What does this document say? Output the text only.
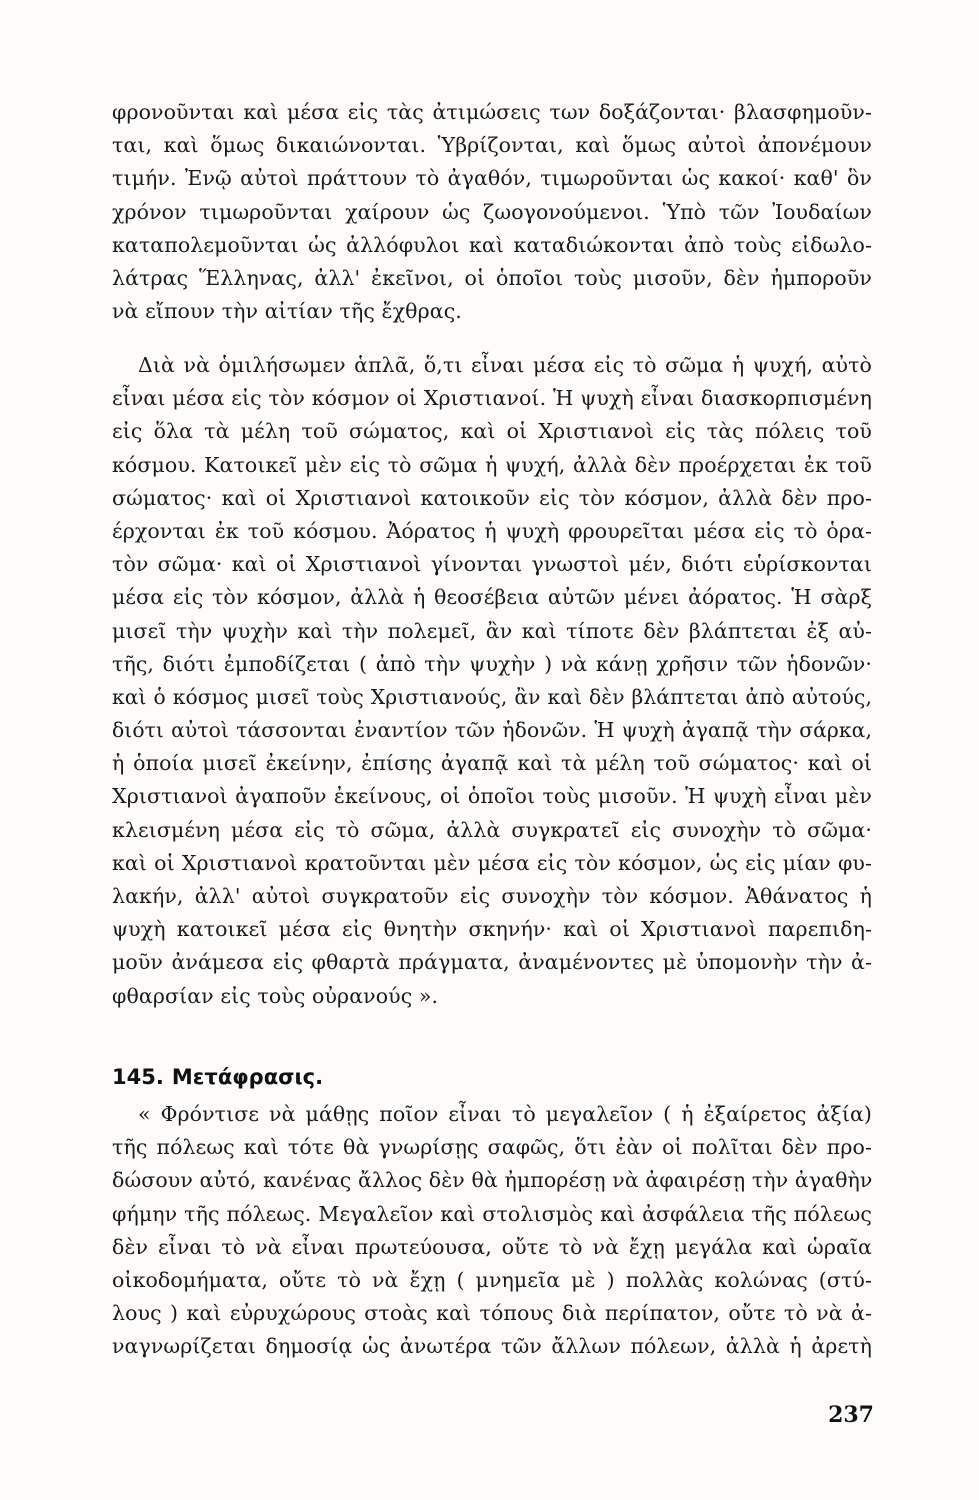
φρονοῦνται καὶ μέσα εἰς τὰς ἀτιμώσεις των δοξάζονται· βλασφημοῦν-
ται, καὶ ὅμως δικαιώνονται. Ὑβρίζονται, καὶ ὅμως αὐτοὶ ἀπονέμουν
τιμήν. Ἐνῷ αὐτοὶ πράττουν τὸ ἀγαθόν, τιμωροῦνται ὡς κακοί· καθ' ὃν
χρόνον τιμωροῦνται χαίρουν ὡς ζωογονούμενοι. Ὑπὸ τῶν Ἰουδαίων
καταπολεμοῦνται ὡς ἀλλόφυλοι καὶ καταδιώκονται ἀπὸ τοὺς εἰδωλο-
λάτρας Ἕλληνας, ἀλλ' ἐκεῖνοι, οἱ ὁποῖοι τοὺς μισοῦν, δὲν ἠμποροῦν
νὰ εἴπουν τὴν αἰτίαν τῆς ἔχθρας.
Διὰ νὰ ὁμιλήσωμεν ἁπλᾶ, ὅ,τι εἶναι μέσα εἰς τὸ σῶμα ἡ ψυχή, αὐτὸ
εἶναι μέσα εἰς τὸν κόσμον οἱ Χριστιανοί. Ἡ ψυχὴ εἶναι διασκορπισμένη
εἰς ὅλα τὰ μέλη τοῦ σώματος, καὶ οἱ Χριστιανοὶ εἰς τὰς πόλεις τοῦ
κόσμου. Κατοικεῖ μὲν εἰς τὸ σῶμα ἡ ψυχή, ἀλλὰ δὲν προέρχεται ἐκ τοῦ
σώματος· καὶ οἱ Χριστιανοὶ κατοικοῦν εἰς τὸν κόσμον, ἀλλὰ δὲν προ-
έρχονται ἐκ τοῦ κόσμου. Ἀόρατος ἡ ψυχὴ φρουρεῖται μέσα εἰς τὸ ὁρα-
τὸν σῶμα· καὶ οἱ Χριστιανοὶ γίνονται γνωστοὶ μέν, διότι εὑρίσκονται
μέσα εἰς τὸν κόσμον, ἀλλὰ ἡ θεοσέβεια αὐτῶν μένει ἀόρατος. Ἡ σὰρξ
μισεῖ τὴν ψυχὴν καὶ τὴν πολεμεῖ, ἂν καὶ τίποτε δὲν βλάπτεται ἐξ αὐ-
τῆς, διότι ἐμποδίζεται ( ἀπὸ τὴν ψυχὴν ) νὰ κάνῃ χρῆσιν τῶν ἡδονῶν·
καὶ ὁ κόσμος μισεῖ τοὺς Χριστιανούς, ἂν καὶ δὲν βλάπτεται ἀπὸ αὐτούς,
διότι αὐτοὶ τάσσονται ἐναντίον τῶν ἡδονῶν. Ἡ ψυχὴ ἀγαπᾷ τὴν σάρκα,
ἡ ὁποία μισεῖ ἐκείνην, ἐπίσης ἀγαπᾷ καὶ τὰ μέλη τοῦ σώματος· καὶ οἱ
Χριστιανοὶ ἀγαποῦν ἐκείνους, οἱ ὁποῖοι τοὺς μισοῦν. Ἡ ψυχὴ εἶναι μὲν
κλεισμένη μέσα εἰς τὸ σῶμα, ἀλλὰ συγκρατεῖ εἰς συνοχὴν τὸ σῶμα·
καὶ οἱ Χριστιανοὶ κρατοῦνται μὲν μέσα εἰς τὸν κόσμον, ὡς εἰς μίαν φυ-
λακήν, ἀλλ' αὐτοὶ συγκρατοῦν εἰς συνοχὴν τὸν κόσμον. Ἀθάνατος ἡ
ψυχὴ κατοικεῖ μέσα εἰς θνητὴν σκηνήν· καὶ οἱ Χριστιανοὶ παρεπιδη-
μοῦν ἀνάμεσα εἰς φθαρτὰ πράγματα, ἀναμένοντες μὲ ὑπομονὴν τὴν ἀ-
φθαρσίαν εἰς τοὺς οὐρανούς ».
145. Μετάφρασις.
« Φρόντισε νὰ μάθῃς ποῖον εἶναι τὸ μεγαλεῖον ( ἡ ἐξαίρετος ἀξία)
τῆς πόλεως καὶ τότε θὰ γνωρίσῃς σαφῶς, ὅτι ἐὰν οἱ πολῖται δὲν προ-
δώσουν αὐτό, κανένας ἄλλος δὲν θὰ ἠμπορέσῃ νὰ ἀφαιρέσῃ τὴν ἀγαθὴν
φήμην τῆς πόλεως. Μεγαλεῖον καὶ στολισμὸς καὶ ἀσφάλεια τῆς πόλεως
δὲν εἶναι τὸ νὰ εἶναι πρωτεύουσα, οὔτε τὸ νὰ ἔχῃ μεγάλα καὶ ὡραῖα
οἰκοδομήματα, οὔτε τὸ νὰ ἔχῃ ( μνημεῖα μὲ ) πολλὰς κολώνας (στύ-
λους ) καὶ εὐρυχώρους στοὰς καὶ τόπους διὰ περίπατον, οὔτε τὸ νὰ ἀ-
ναγνωρίζεται δημοσίᾳ ὡς ἀνωτέρα τῶν ἄλλων πόλεων, ἀλλὰ ἡ ἀρετὴ
237
